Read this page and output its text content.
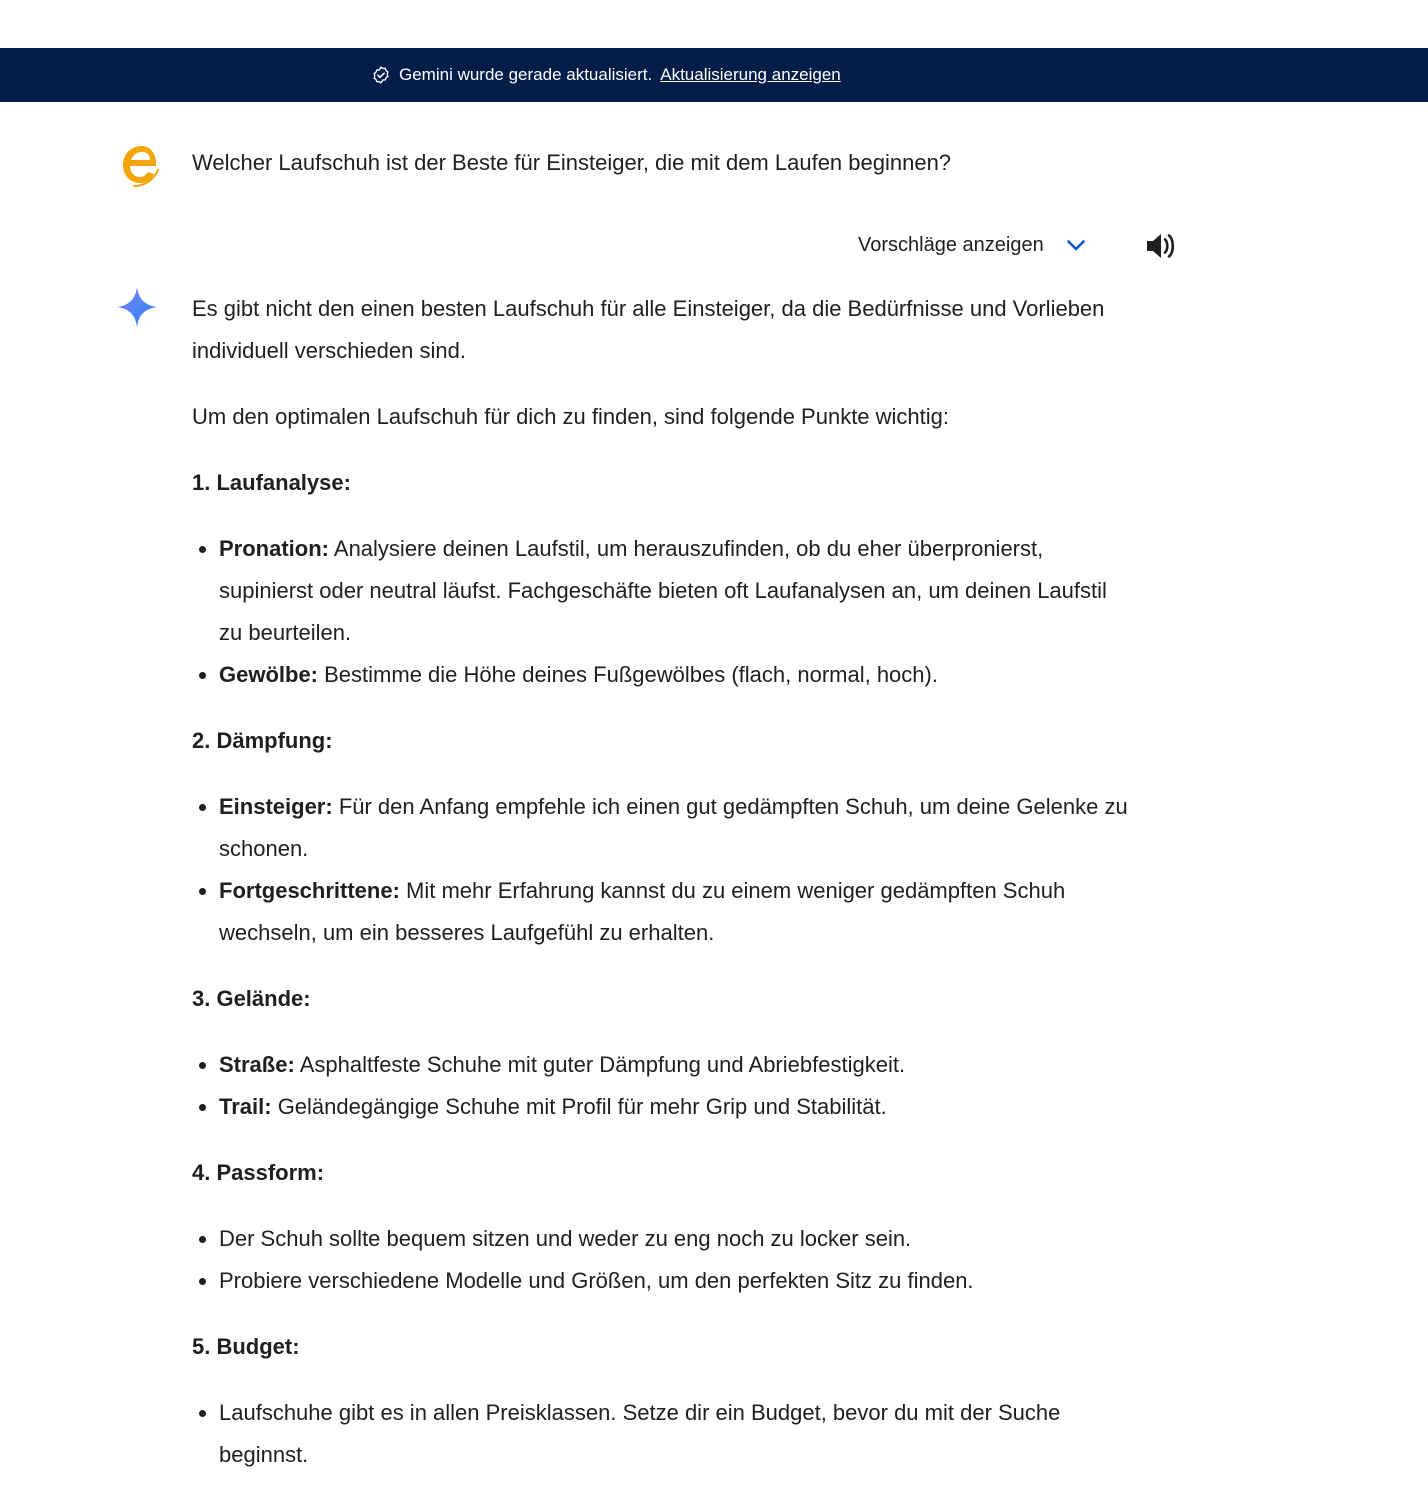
Gemini wurde gerade aktualisiert. Aktualisierung anzeigen
Welcher Laufschuh ist der Beste für Einsteiger, die mit dem Laufen beginnen?
Vorschläge anzeigen

Es gibt nicht den einen besten Laufschuh für alle Einsteiger, da die Bedürfnisse und Vorlieben individuell verschieden sind.

Um den optimalen Laufschuh für dich zu finden, sind folgende Punkte wichtig:

1. Laufanalyse:
• Pronation: Analysiere deinen Laufstil, um herauszufinden, ob du eher überpronierst, supinierst oder neutral läufst. Fachgeschäfte bieten oft Laufanalysen an, um deinen Laufstil zu beurteilen.
• Gewölbe: Bestimme die Höhe deines Fußgewölbes (flach, normal, hoch).
2. Dämpfung:
• Einsteiger: Für den Anfang empfehle ich einen gut gedämpften Schuh, um deine Gelenke zu schonen.
• Fortgeschrittene: Mit mehr Erfahrung kannst du zu einem weniger gedämpften Schuh wechseln, um ein besseres Laufgefühl zu erhalten.
3. Gelände:
• Straße: Asphaltfeste Schuhe mit guter Dämpfung und Abriebfestigkeit.
• Trail: Geländegängige Schuhe mit Profil für mehr Grip und Stabilität.
4. Passform:
• Der Schuh sollte bequem sitzen und weder zu eng noch zu locker sein.
• Probiere verschiedene Modelle und Größen, um den perfekten Sitz zu finden.
5. Budget:
• Laufschuhe gibt es in allen Preisklassen. Setze dir ein Budget, bevor du mit der Suche beginnst.
